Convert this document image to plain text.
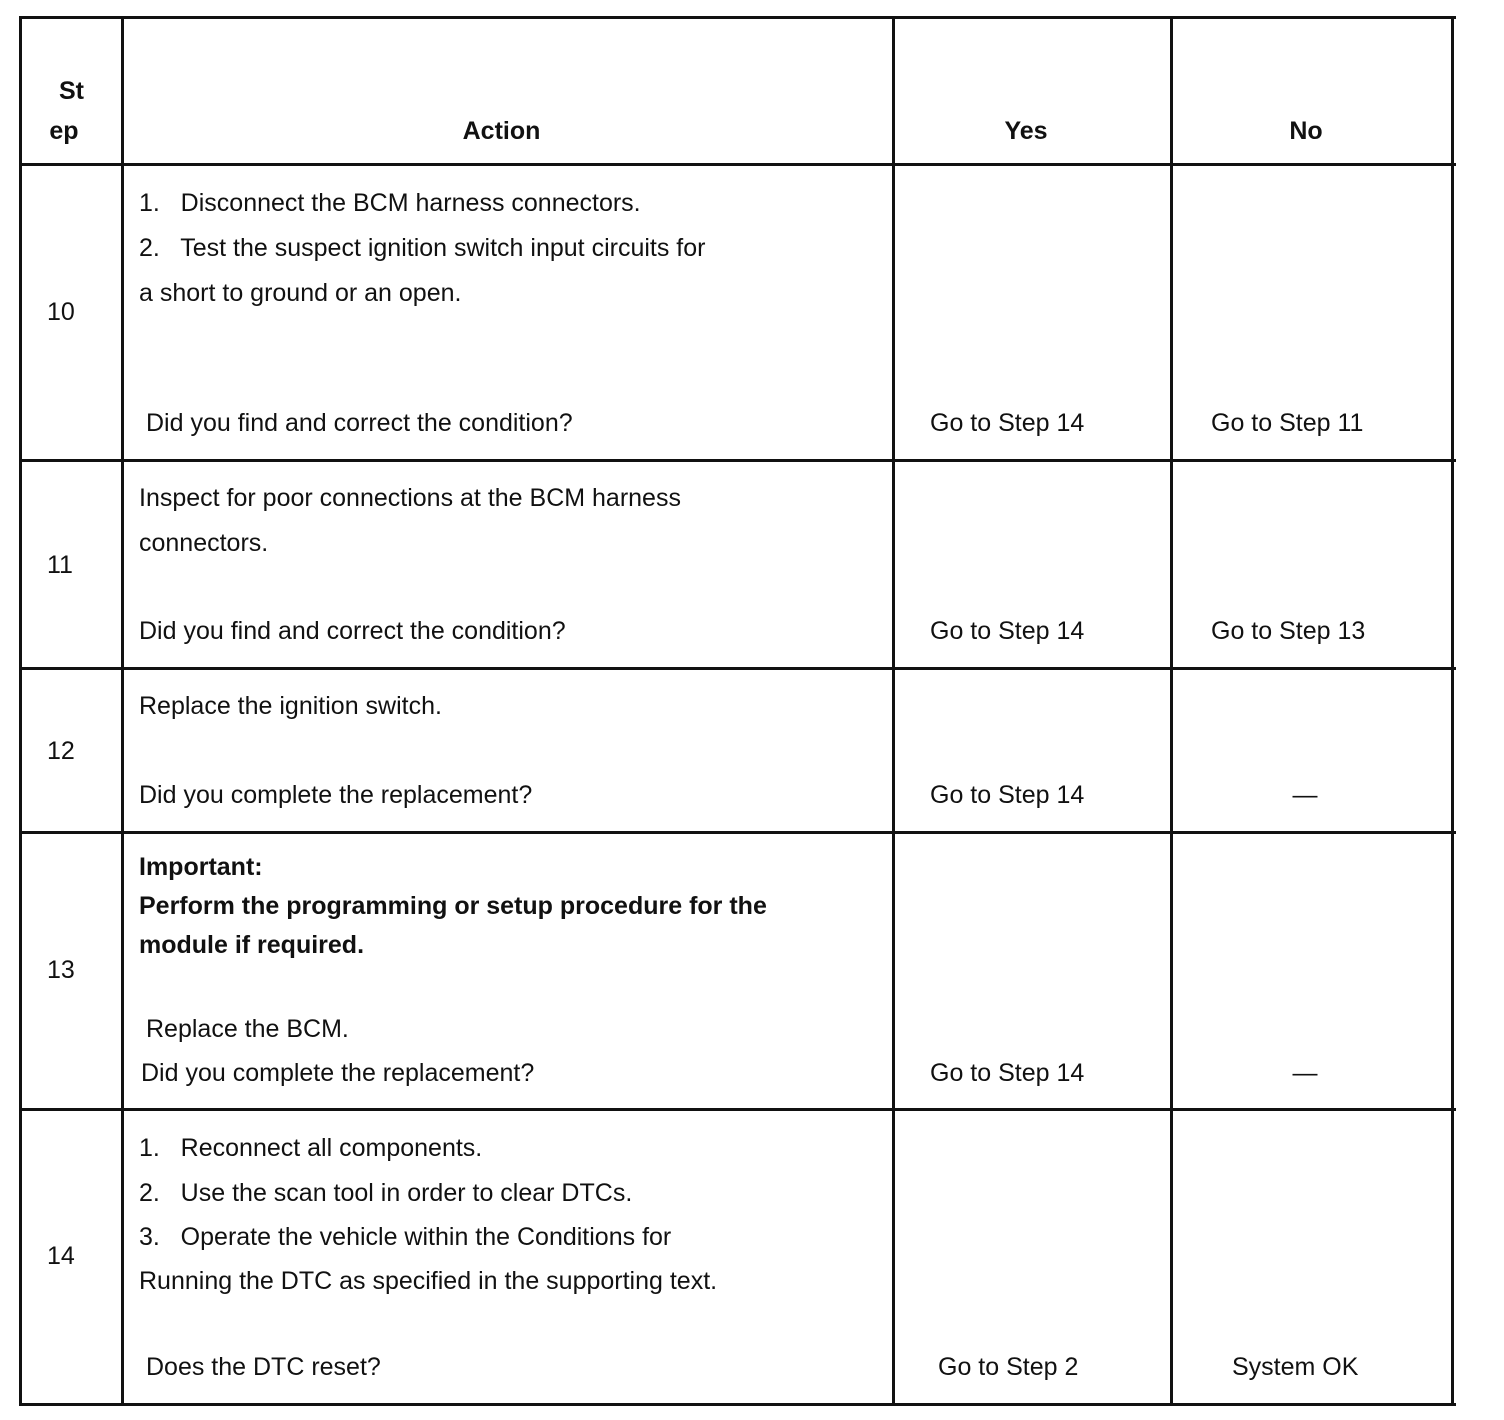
St
ep	Action	Yes	No
10
1.   Disconnect the BCM harness connectors.
2.   Test the suspect ignition switch input circuits for
a short to ground or an open.
Did you find and correct the condition?	Go to Step 14	Go to Step 11
11
Inspect for poor connections at the BCM harness
connectors.
Did you find and correct the condition?	Go to Step 14	Go to Step 13
12
Replace the ignition switch.
Did you complete the replacement?	Go to Step 14	—
13
Important:
Perform the programming or setup procedure for the
module if required.
Replace the BCM.
Did you complete the replacement?	Go to Step 14	—
14
1.   Reconnect all components.
2.   Use the scan tool in order to clear DTCs.
3.   Operate the vehicle within the Conditions for
Running the DTC as specified in the supporting text.
Does the DTC reset?	Go to Step 2	System OK
